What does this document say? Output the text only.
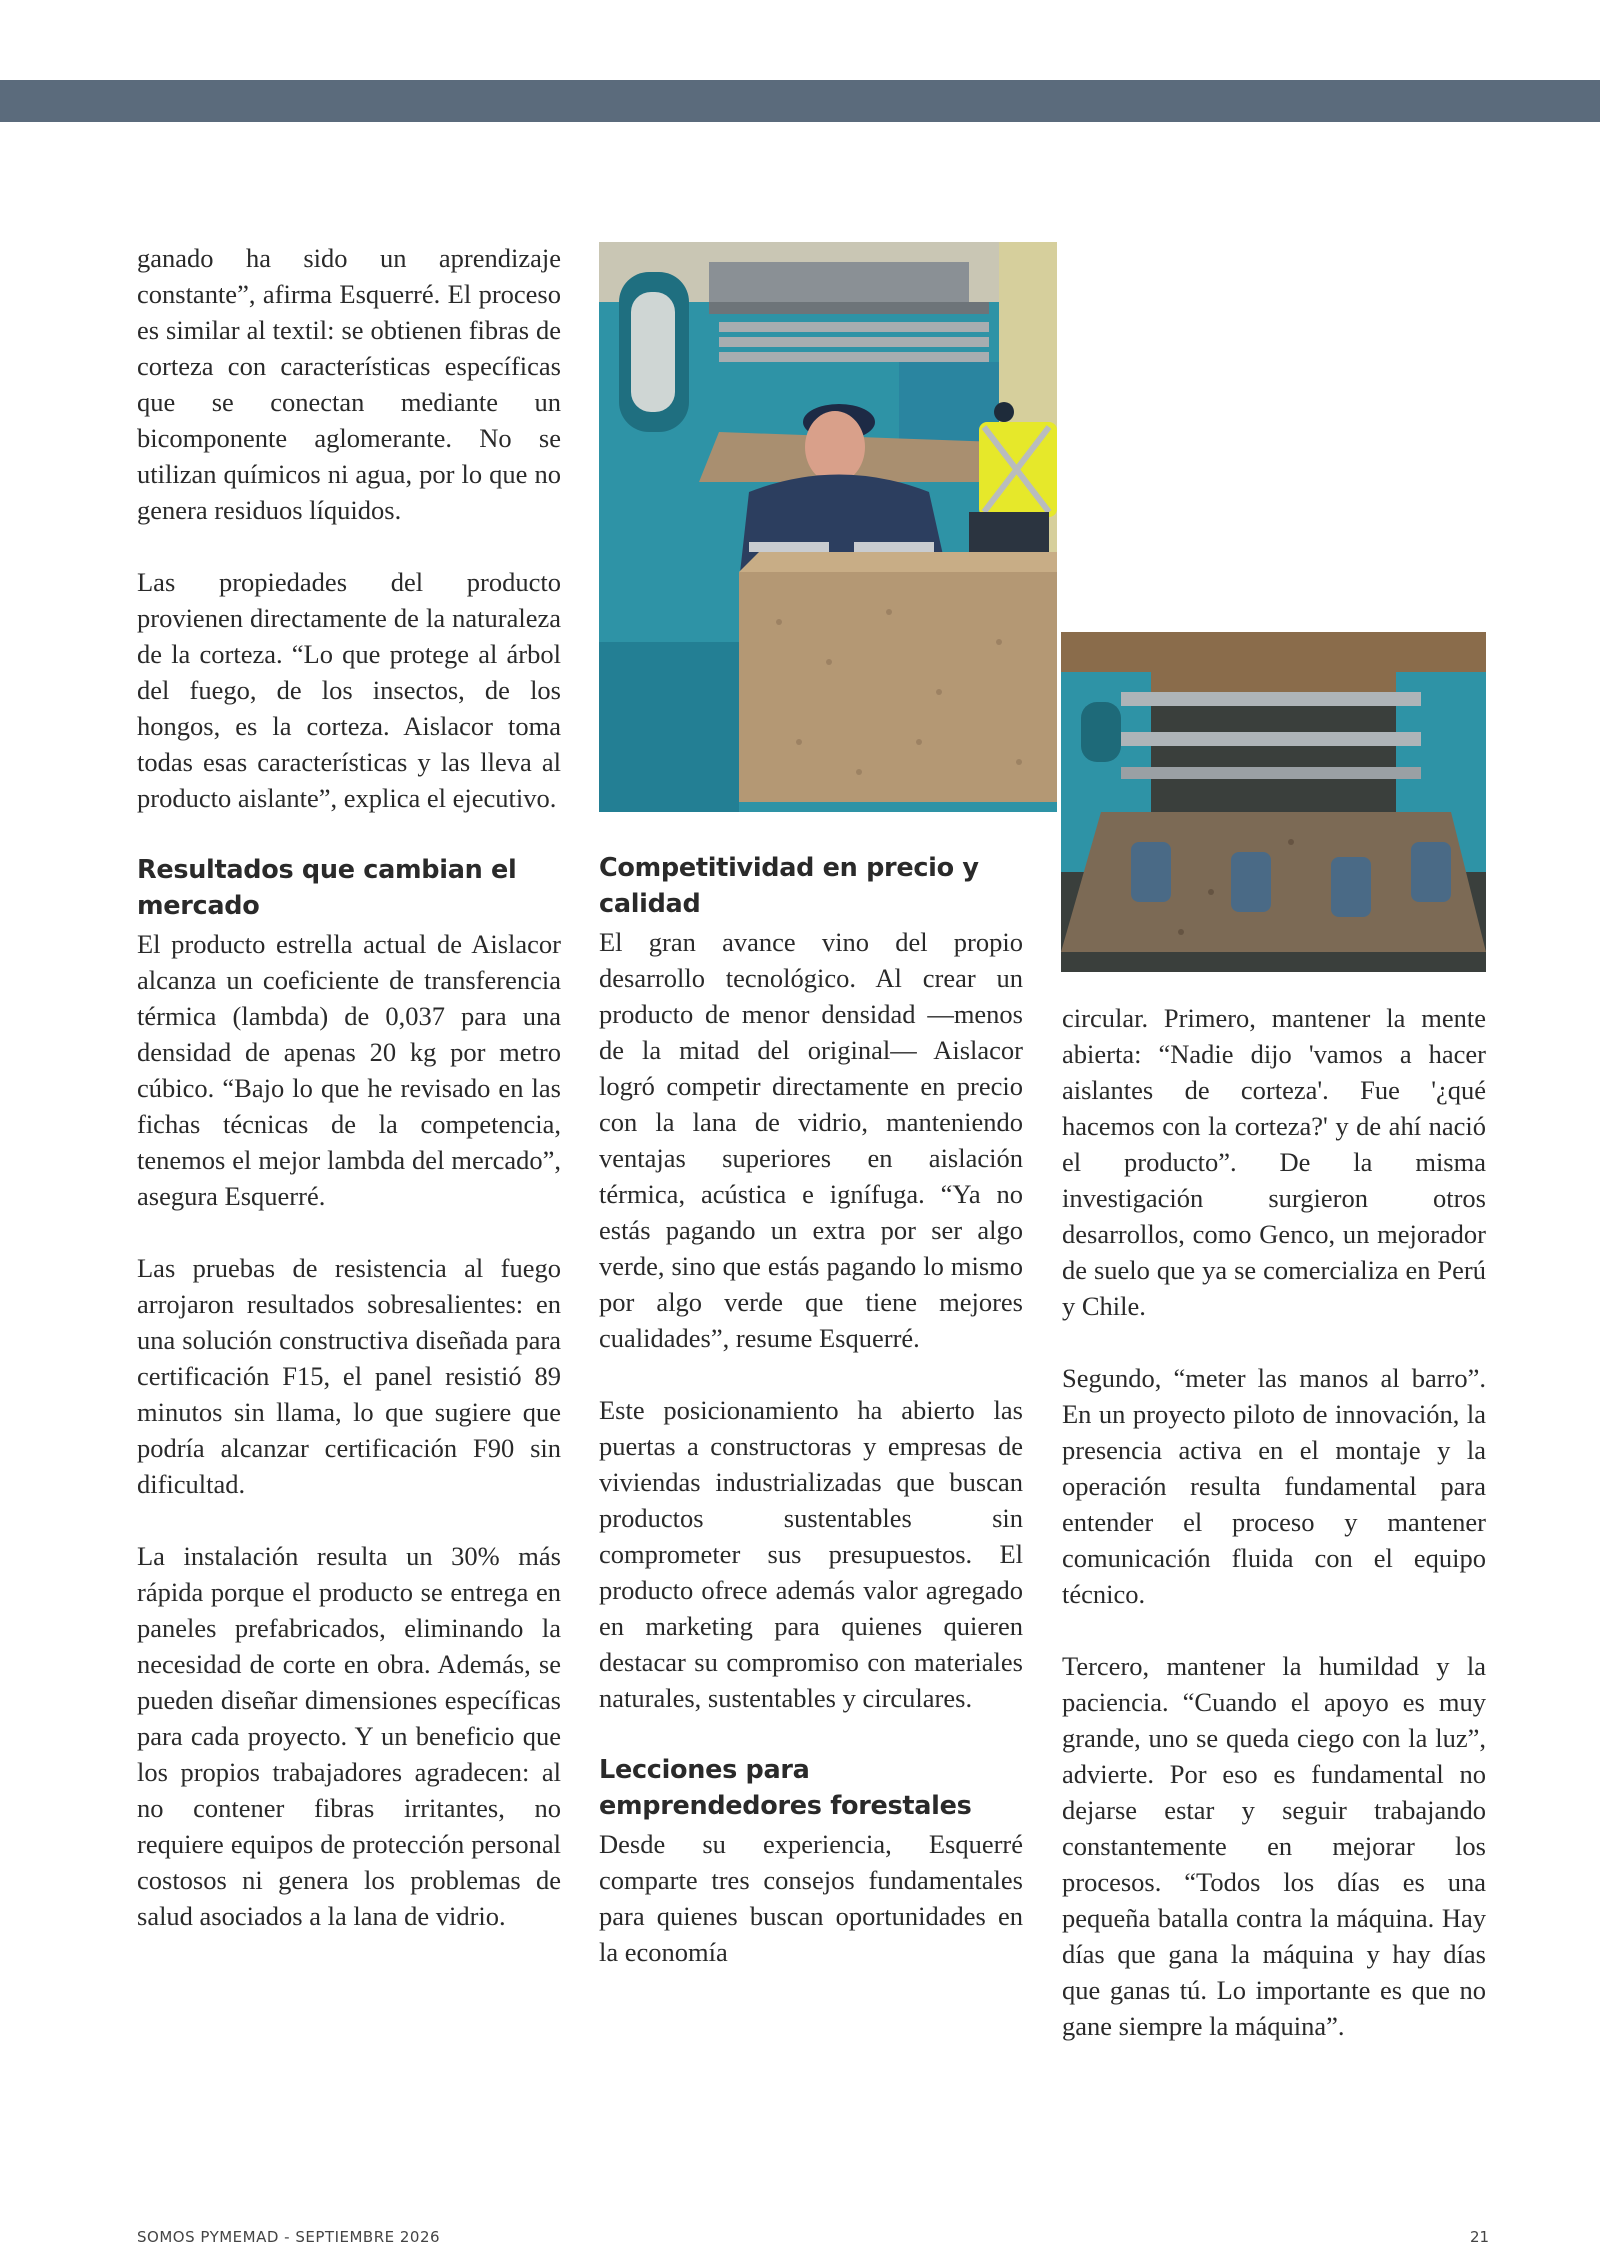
ganado ha sido un aprendizaje constante”, afirma Esquerré. El proceso es similar al textil: se obtienen fibras de corteza con características específicas que se conectan mediante un bicomponente aglomerante. No se utilizan químicos ni agua, por lo que no genera residuos líquidos.

Las propiedades del producto provienen directamente de la naturaleza de la corteza. “Lo que protege al árbol del fuego, de los insectos, de los hongos, es la corteza. Aislacor toma todas esas características y las lleva al producto aislante”, explica el ejecutivo.

Resultados que cambian el mercado

El producto estrella actual de Aislacor alcanza un coeficiente de transferencia térmica (lambda) de 0,037 para una densidad de apenas 20 kg por metro cúbico. “Bajo lo que he revisado en las fichas técnicas de la competencia, tenemos el mejor lambda del mercado”, asegura Esquerré.

Las pruebas de resistencia al fuego arrojaron resultados sobresalientes: en una solución constructiva diseñada para certificación F15, el panel resistió 89 minutos sin llama, lo que sugiere que podría alcanzar certificación F90 sin dificultad.

La instalación resulta un 30% más rápida porque el producto se entrega en paneles prefabricados, eliminando la necesidad de corte en obra. Además, se pueden diseñar dimensiones específicas para cada proyecto. Y un beneficio que los propios trabajadores agradecen: al no contener fibras irritantes, no requiere equipos de protección personal costosos ni genera los problemas de salud asociados a la lana de vidrio.

Competitividad en precio y calidad

El gran avance vino del propio desarrollo tecnológico. Al crear un producto de menor densidad —menos de la mitad del original— Aislacor logró competir directamente en precio con la lana de vidrio, manteniendo ventajas superiores en aislación térmica, acústica e ignífuga. “Ya no estás pagando un extra por ser algo verde, sino que estás pagando lo mismo por algo verde que tiene mejores cualidades”, resume Esquerré.

Este posicionamiento ha abierto las puertas a constructoras y empresas de viviendas industrializadas que buscan productos sustentables sin comprometer sus presupuestos. El producto ofrece además valor agregado en marketing para quienes quieren destacar su compromiso con materiales naturales, sustentables y circulares.

Lecciones para emprendedores forestales

Desde su experiencia, Esquerré comparte tres consejos fundamentales para quienes buscan oportunidades en la economía

circular. Primero, mantener la mente abierta: “Nadie dijo 'vamos a hacer aislantes de corteza'. Fue '¿qué hacemos con la corteza?' y de ahí nació el producto”. De la misma investigación surgieron otros desarrollos, como Genco, un mejorador de suelo que ya se comercializa en Perú y Chile.

Segundo, “meter las manos al barro”. En un proyecto piloto de innovación, la presencia activa en el montaje y la operación resulta fundamental para entender el proceso y mantener comunicación fluida con el equipo técnico.

Tercero, mantener la humildad y la paciencia. “Cuando el apoyo es muy grande, uno se queda ciego con la luz”, advierte. Por eso es fundamental no dejarse estar y seguir trabajando constantemente en mejorar los procesos. “Todos los días es una pequeña batalla contra la máquina. Hay días que gana la máquina y hay días que ganas tú. Lo importante es que no gane siempre la máquina”.

SOMOS PYMEMAD - SEPTIEMBRE 2026	21
